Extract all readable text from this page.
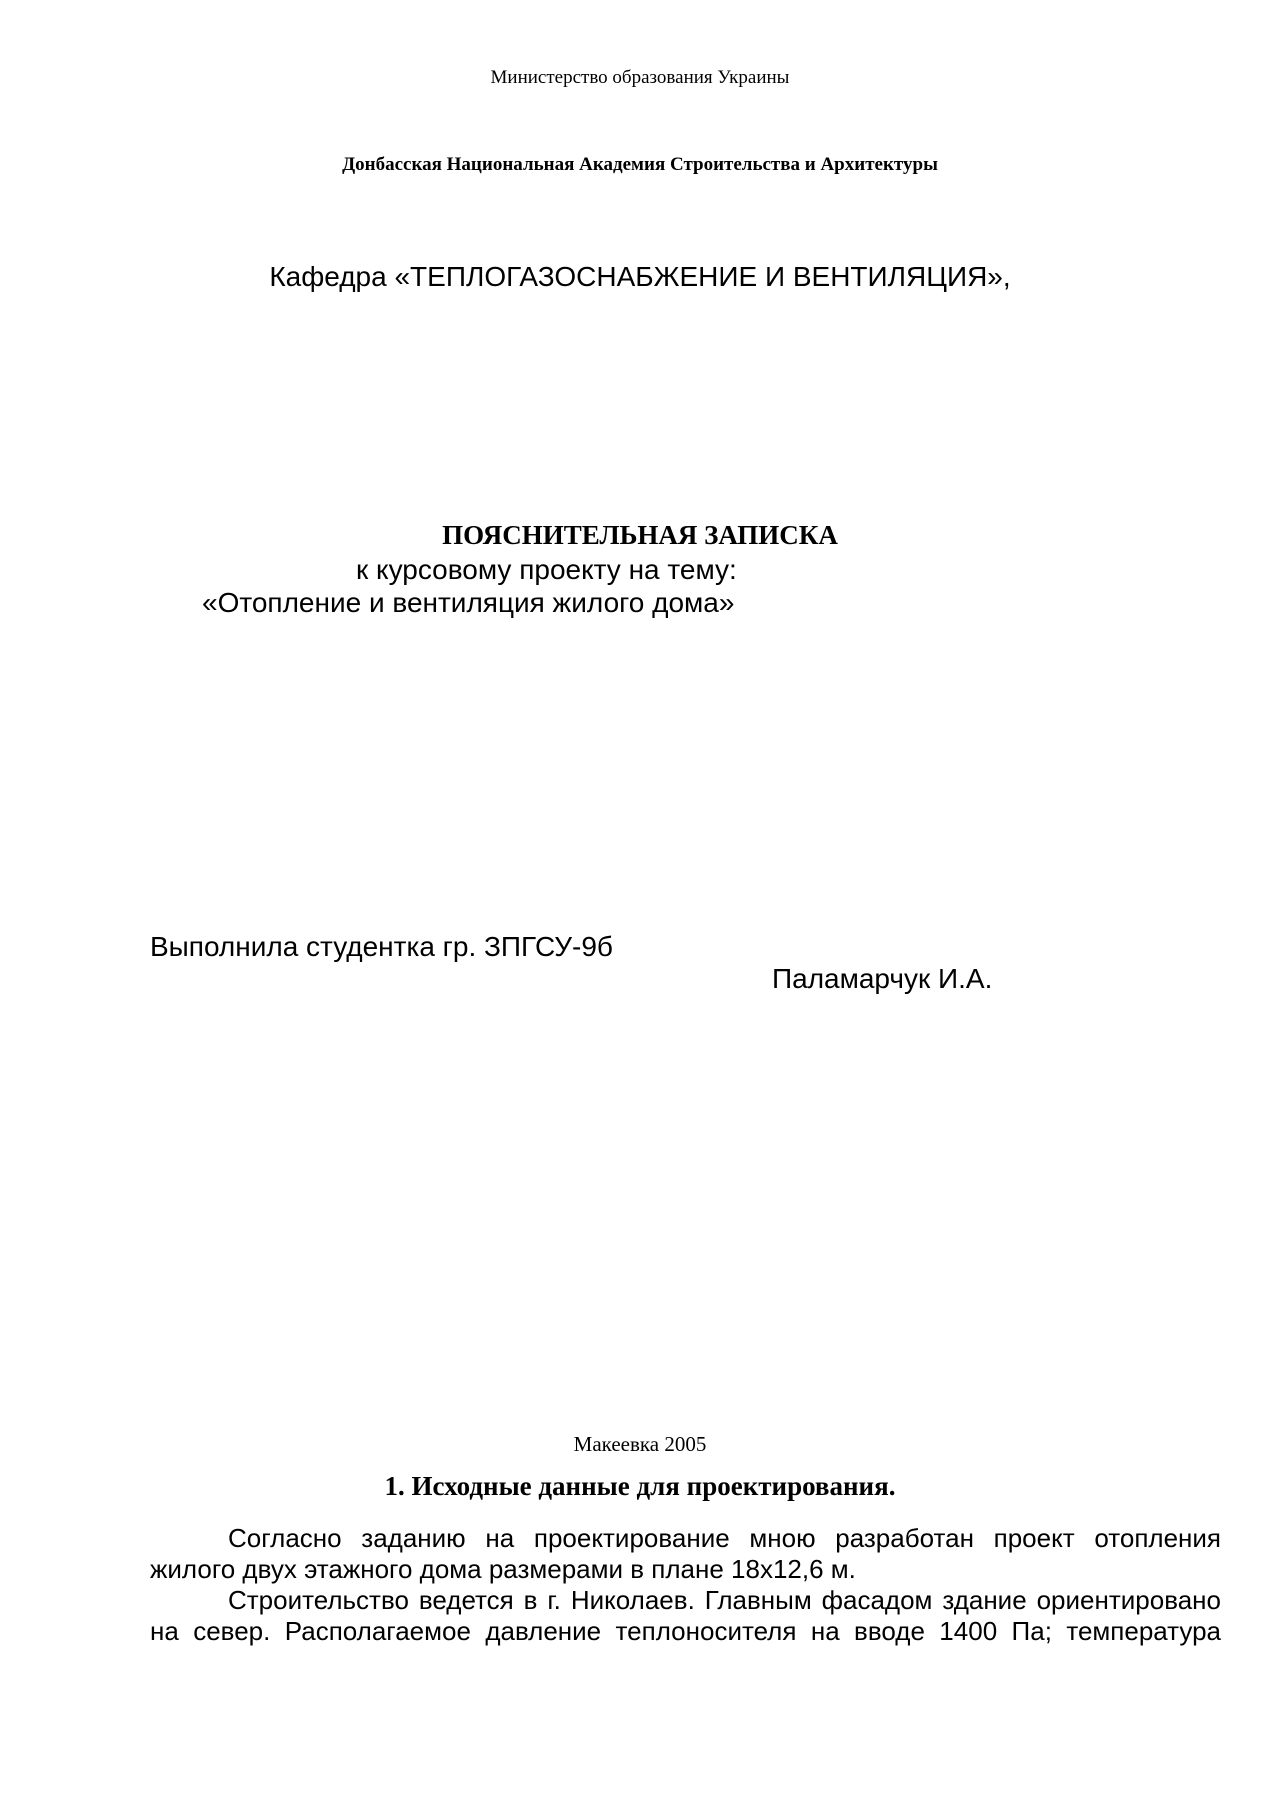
Министерство образования Украины
Донбасская Национальная Академия Строительства и Архитектуры
Кафедра «ТЕПЛОГАЗОСНАБЖЕНИЕ И ВЕНТИЛЯЦИЯ»,
ПОЯСНИТЕЛЬНАЯ ЗАПИСКА
к курсовому проекту на тему:
«Отопление и вентиляция жилого дома»
Выполнила студентка гр. ЗПГСУ-9б
Паламарчук И.А.
Макеевка 2005
1. Исходные данные для проектирования.
Согласно заданию на проектирование мною разработан проект отопления
жилого двух этажного дома размерами в плане 18х12,6 м.
Строительство ведется в г. Николаев. Главным фасадом здание ориентировано
на север. Располагаемое давление теплоносителя на вводе 1400 Па; температура
